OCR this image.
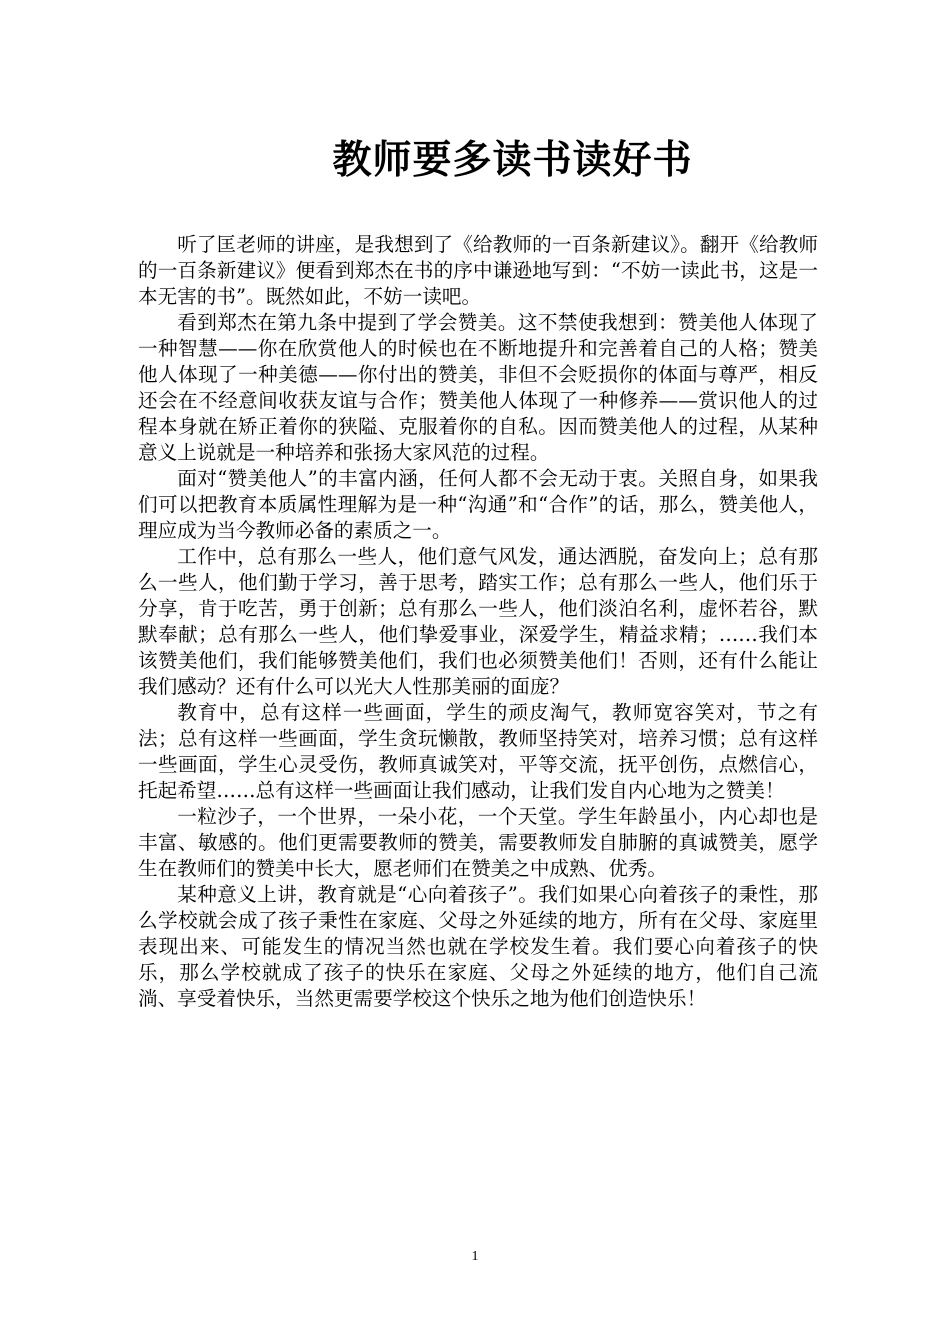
教师要多读书读好书

听了匡老师的讲座，是我想到了《给教师的一百条新建议》。翻开《给教师的一百条新建议》便看到郑杰在书的序中谦逊地写到：“不妨一读此书，这是一本无害的书”。既然如此，不妨一读吧。

看到郑杰在第九条中提到了学会赞美。这不禁使我想到：赞美他人体现了一种智慧——你在欣赏他人的时候也在不断地提升和完善着自己的人格；赞美他人体现了一种美德——你付出的赞美，非但不会贬损你的体面与尊严，相反还会在不经意间收获友谊与合作；赞美他人体现了一种修养——赏识他人的过程本身就在矫正着你的狭隘、克服着你的自私。因而赞美他人的过程，从某种意义上说就是一种培养和张扬大家风范的过程。

面对“赞美他人”的丰富内涵，任何人都不会无动于衷。关照自身，如果我们可以把教育本质属性理解为是一种“沟通”和“合作”的话，那么，赞美他人，理应成为当今教师必备的素质之一。

工作中，总有那么一些人，他们意气风发，通达洒脱，奋发向上；总有那么一些人，他们勤于学习，善于思考，踏实工作；总有那么一些人，他们乐于分享，肯于吃苦，勇于创新；总有那么一些人，他们淡泊名利，虚怀若谷，默默奉献；总有那么一些人，他们挚爱事业，深爱学生，精益求精；……我们本该赞美他们，我们能够赞美他们，我们也必须赞美他们！否则，还有什么能让我们感动？还有什么可以光大人性那美丽的面庞？

教育中，总有这样一些画面，学生的顽皮淘气，教师宽容笑对，节之有法；总有这样一些画面，学生贪玩懒散，教师坚持笑对，培养习惯；总有这样一些画面，学生心灵受伤，教师真诚笑对，平等交流，抚平创伤，点燃信心，托起希望……总有这样一些画面让我们感动，让我们发自内心地为之赞美！

一粒沙子，一个世界，一朵小花，一个天堂。学生年龄虽小，内心却也是丰富、敏感的。他们更需要教师的赞美，需要教师发自肺腑的真诚赞美，愿学生在教师们的赞美中长大，愿老师们在赞美之中成熟、优秀。

某种意义上讲，教育就是“心向着孩子”。我们如果心向着孩子的秉性，那么学校就会成了孩子秉性在家庭、父母之外延续的地方，所有在父母、家庭里表现出来、可能发生的情况当然也就在学校发生着。我们要心向着孩子的快乐，那么学校就成了孩子的快乐在家庭、父母之外延续的地方，他们自己流淌、享受着快乐，当然更需要学校这个快乐之地为他们创造快乐！

1
